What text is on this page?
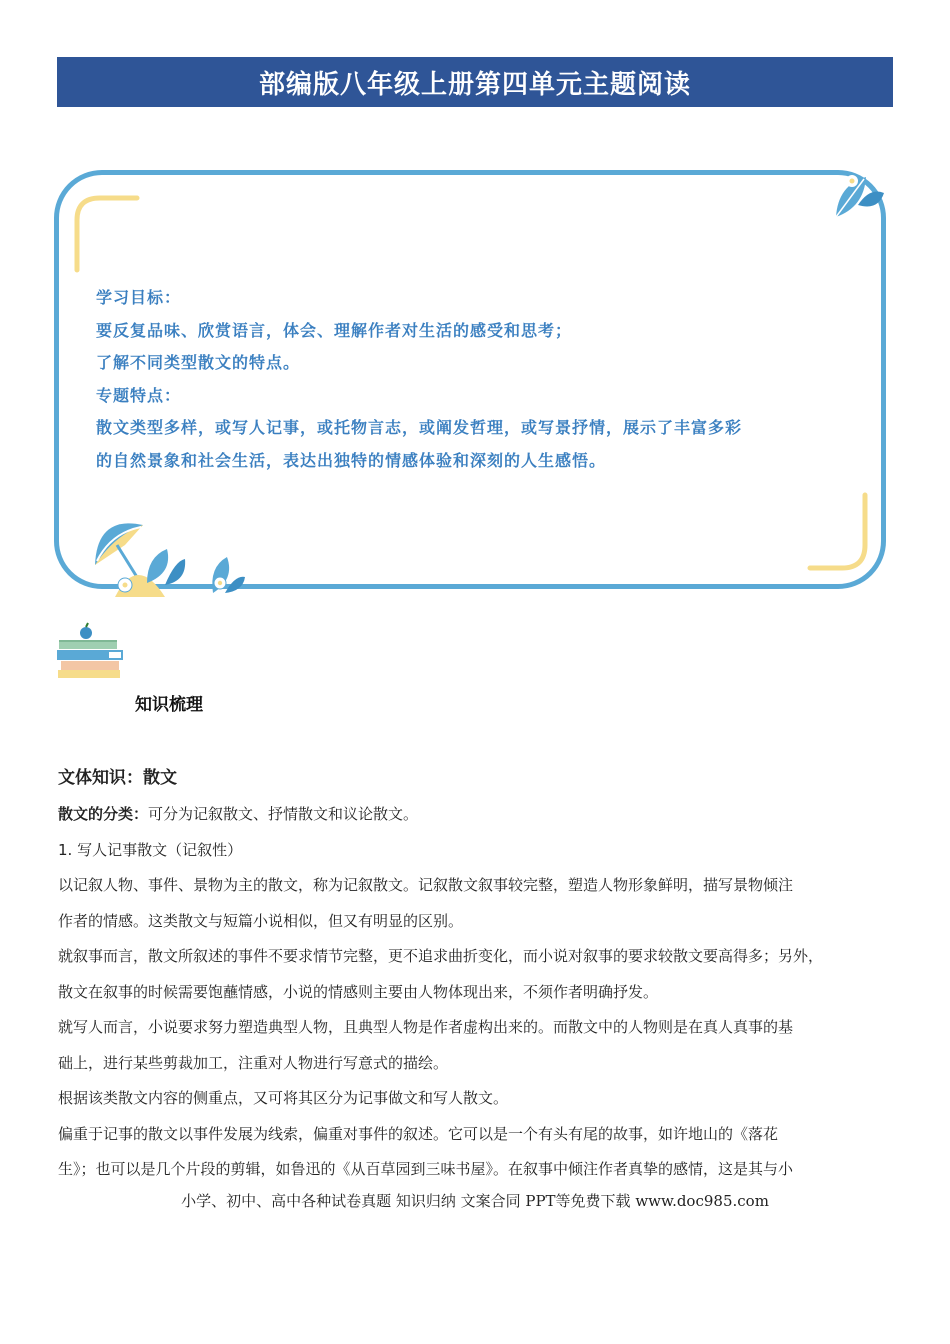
部编版八年级上册第四单元主题阅读
学习目标：
要反复品味、欣赏语言，体会、理解作者对生活的感受和思考；
了解不同类型散文的特点。
专题特点：
散文类型多样，或写人记事，或托物言志，或阐发哲理，或写景抒情，展示了丰富多彩
的自然景象和社会生活，表达出独特的情感体验和深刻的人生感悟。
知识梳理
文体知识：散文
散文的分类：可分为记叙散文、抒情散文和议论散文。
1. 写人记事散文（记叙性）
以记叙人物、事件、景物为主的散文，称为记叙散文。记叙散文叙事较完整，塑造人物形象鲜明，描写景物倾注
作者的情感。这类散文与短篇小说相似，但又有明显的区别。
就叙事而言，散文所叙述的事件不要求情节完整，更不追求曲折变化，而小说对叙事的要求较散文要高得多；另外，
散文在叙事的时候需要饱蘸情感，小说的情感则主要由人物体现出来，不须作者明确抒发。
就写人而言，小说要求努力塑造典型人物，且典型人物是作者虚构出来的。而散文中的人物则是在真人真事的基
础上，进行某些剪裁加工，注重对人物进行写意式的描绘。
根据该类散文内容的侧重点，又可将其区分为记事做文和写人散文。
偏重于记事的散文以事件发展为线索，偏重对事件的叙述。它可以是一个有头有尾的故事，如许地山的《落花
生》；也可以是几个片段的剪辑，如鲁迅的《从百草园到三味书屋》。在叙事中倾注作者真挚的感情，这是其与小
小学、初中、高中各种试卷真题 知识归纳 文案合同 PPT等免费下载 www.doc985.com
